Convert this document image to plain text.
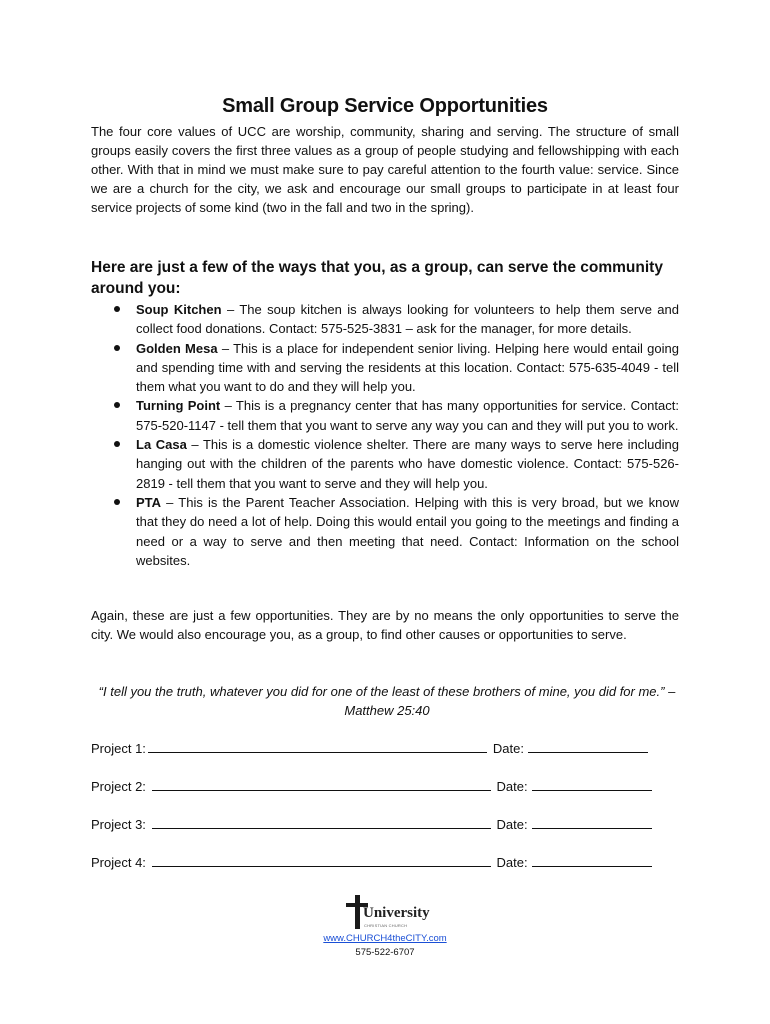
Small Group Service Opportunities

The four core values of UCC are worship, community, sharing and serving. The structure of small groups easily covers the first three values as a group of people studying and fellowshipping with each other. With that in mind we must make sure to pay careful attention to the fourth value: service. Since we are a church for the city, we ask and encourage our small groups to participate in at least four service projects of some kind (two in the fall and two in the spring).

Here are just a few of the ways that you, as a group, can serve the community around you:

Soup Kitchen – The soup kitchen is always looking for volunteers to help them serve and collect food donations. Contact: 575-525-3831 – ask for the manager, for more details.
Golden Mesa – This is a place for independent senior living. Helping here would entail going and spending time with and serving the residents at this location. Contact: 575-635-4049 - tell them what you want to do and they will help you.
Turning Point – This is a pregnancy center that has many opportunities for service. Contact: 575-520-1147 - tell them that you want to serve any way you can and they will put you to work.
La Casa – This is a domestic violence shelter. There are many ways to serve here including hanging out with the children of the parents who have domestic violence. Contact: 575-526-2819 - tell them that you want to serve and they will help you.
PTA – This is the Parent Teacher Association. Helping with this is very broad, but we know that they do need a lot of help. Doing this would entail you going to the meetings and finding a need or a way to serve and then meeting that need. Contact: Information on the school websites.

Again, these are just a few opportunities. They are by no means the only opportunities to serve the city. We would also encourage you, as a group, to find other causes or opportunities to serve.

“I tell you the truth, whatever you did for one of the least of these brothers of mine, you did for me.” – Matthew 25:40

Project 1:	Date:
Project 2:	Date:
Project 3:	Date:
Project 4:	Date:
University
CHRISTIAN CHURCH
www.CHURCH4theCITY.com
575-522-6707
